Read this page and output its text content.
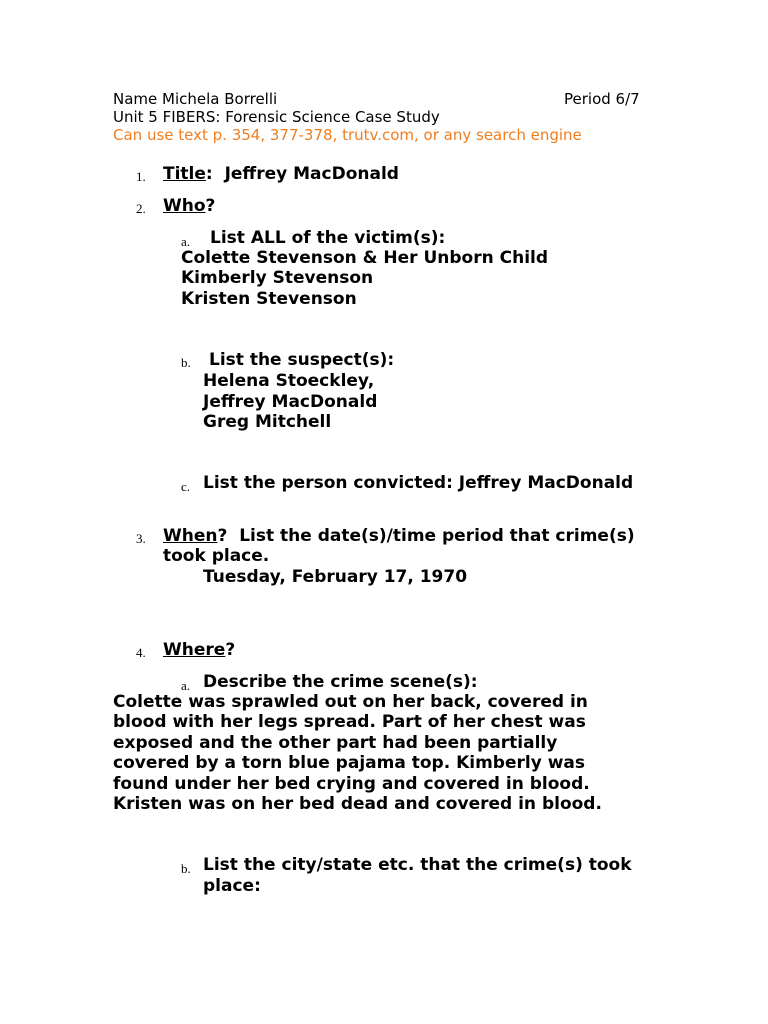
Name Michela Borrelli	Period 6/7
Unit 5 FIBERS: Forensic Science Case Study
Can use text p. 354, 377-378, trutv.com, or any search engine
1. Title: Jeffrey MacDonald
2. Who?
a. List ALL of the victim(s):
Colette Stevenson & Her Unborn Child
Kimberly Stevenson
Kristen Stevenson
b. List the suspect(s):
Helena Stoeckley,
Jeffrey MacDonald
Greg Mitchell
c. List the person convicted: Jeffrey MacDonald
3. When? List the date(s)/time period that crime(s)
took place.
Tuesday, February 17, 1970
4. Where?
a. Describe the crime scene(s):
Colette was sprawled out on her back, covered in
blood with her legs spread. Part of her chest was
exposed and the other part had been partially
covered by a torn blue pajama top. Kimberly was
found under her bed crying and covered in blood.
Kristen was on her bed dead and covered in blood.
b. List the city/state etc. that the crime(s) took
place:
